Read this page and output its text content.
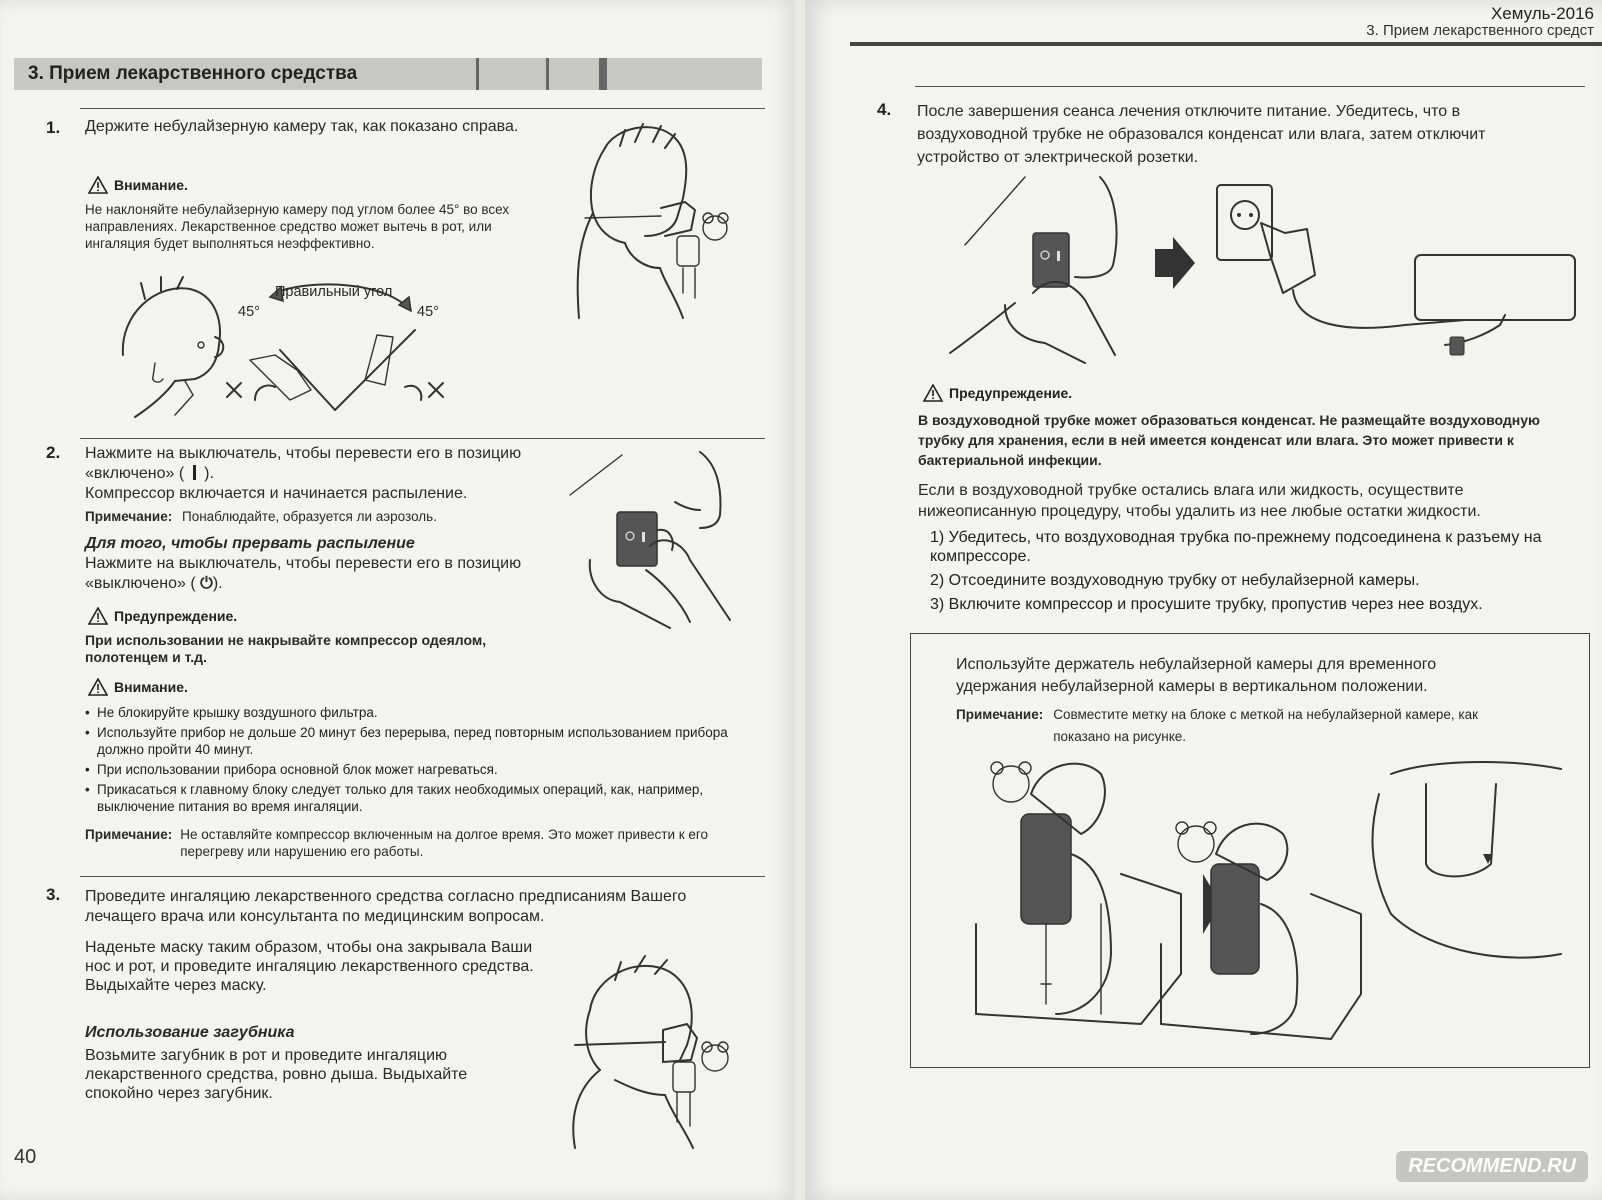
3. Прием лекарственного средства
1. Держите небулайзерную камеру так, как показано справа.
Внимание.
Не наклоняйте небулайзерную камеру под углом более 45° во всех направлениях. Лекарственное средство может вытечь в рот, или ингаляция будет выполняться неэффективно.
Правильный угол
45°	45°
2. Нажмите на выключатель, чтобы перевести его в позицию «включено» ( ).
Компрессор включается и начинается распыление.
Примечание: Понаблюдайте, образуется ли аэрозоль.
Для того, чтобы прервать распыление
Нажмите на выключатель, чтобы перевести его в позицию «выключено» ( ⏻).
Предупреждение.
При использовании не накрывайте компрессор одеялом, полотенцем и т.д.
Внимание.
• Не блокируйте крышку воздушного фильтра.
• Используйте прибор не дольше 20 минут без перерыва, перед повторным использованием прибора должно пройти 40 минут.
• При использовании прибора основной блок может нагреваться.
• Прикасаться к главному блоку следует только для таких необходимых операций, как, например, выключение питания во время ингаляции.
Примечание: Не оставляйте компрессор включенным на долгое время. Это может привести к его перегреву или нарушению его работы.
3. Проведите ингаляцию лекарственного средства согласно предписаниям Вашего лечащего врача или консультанта по медицинским вопросам.
Наденьте маску таким образом, чтобы она закрывала Ваши нос и рот, и проведите ингаляцию лекарственного средства. Выдыхайте через маску.
Использование загубника
Возьмите загубник в рот и проведите ингаляцию лекарственного средства, ровно дыша. Выдыхайте спокойно через загубник.
40
Хемуль-2016
3. Прием лекарственного средст
4. После завершения сеанса лечения отключите питание. Убедитесь, что в воздуховодной трубке не образовался конденсат или влага, затем отключит устройство от электрической розетки.
Предупреждение.
В воздуховодной трубке может образоваться конденсат. Не размещайте воздуховодную трубку для хранения, если в ней имеется конденсат или влага. Это может привести к бактериальной инфекции.
Если в воздуховодной трубке остались влага или жидкость, осуществите нижеописанную процедуру, чтобы удалить из нее любые остатки жидкости.
1) Убедитесь, что воздуховодная трубка по-прежнему подсоединена к разъему на компрессоре.
2) Отсоедините воздуховодную трубку от небулайзерной камеры.
3) Включите компрессор и просушите трубку, пропустив через нее воздух.
Используйте держатель небулайзерной камеры для временного удержания небулайзерной камеры в вертикальном положении.
Примечание: Совместите метку на блоке с меткой на небулайзерной камере, как показано на рисунке.
RECOMMEND.RU
